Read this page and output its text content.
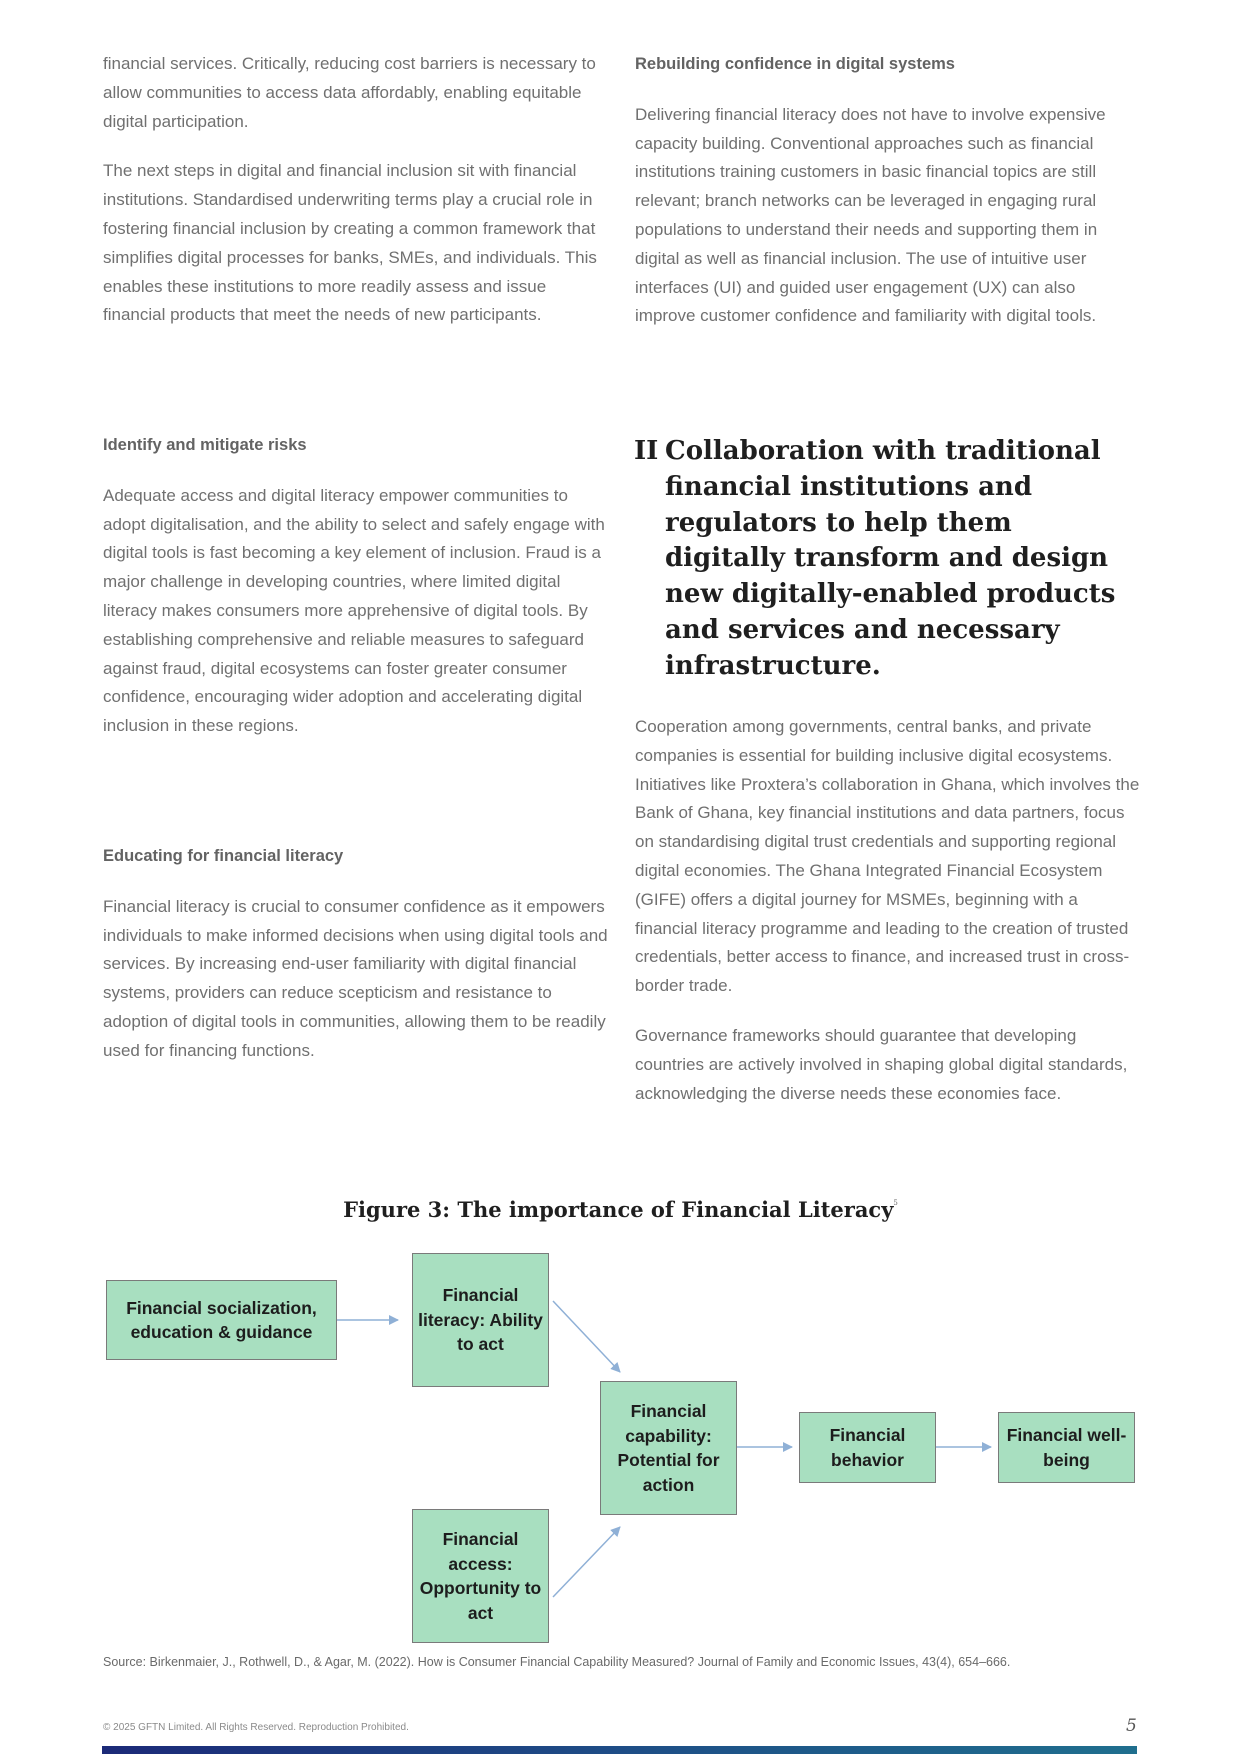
financial services. Critically, reducing cost barriers is necessary to allow communities to access data affordably, enabling equitable digital participation.

The next steps in digital and financial inclusion sit with financial institutions. Standardised underwriting terms play a crucial role in fostering financial inclusion by creating a common framework that simplifies digital processes for banks, SMEs, and individuals. This enables these institutions to more readily assess and issue financial products that meet the needs of new participants.

Identify and mitigate risks

Adequate access and digital literacy empower communities to adopt digitalisation, and the ability to select and safely engage with digital tools is fast becoming a key element of inclusion. Fraud is a major challenge in developing countries, where limited digital literacy makes consumers more apprehensive of digital tools. By establishing comprehensive and reliable measures to safeguard against fraud, digital ecosystems can foster greater consumer confidence, encouraging wider adoption and accelerating digital inclusion in these regions.

Educating for financial literacy

Financial literacy is crucial to consumer confidence as it empowers individuals to make informed decisions when using digital tools and services. By increasing end-user familiarity with digital financial systems, providers can reduce scepticism and resistance to adoption of digital tools in communities, allowing them to be readily used for financing functions.

Rebuilding confidence in digital systems

Delivering financial literacy does not have to involve expensive capacity building. Conventional approaches such as financial institutions training customers in basic financial topics are still relevant; branch networks can be leveraged in engaging rural populations to understand their needs and supporting them in digital as well as financial inclusion. The use of intuitive user interfaces (UI) and guided user engagement (UX) can also improve customer confidence and familiarity with digital tools.

II Collaboration with traditional financial institutions and regulators to help them digitally transform and design new digitally-enabled products and services and necessary infrastructure.

Cooperation among governments, central banks, and private companies is essential for building inclusive digital ecosystems. Initiatives like Proxtera’s collaboration in Ghana, which involves the Bank of Ghana, key financial institutions and data partners, focus on standardising digital trust credentials and supporting regional digital economies. The Ghana Integrated Financial Ecosystem (GIFE) offers a digital journey for MSMEs, beginning with a financial literacy programme and leading to the creation of trusted credentials, better access to finance, and increased trust in cross-border trade.

Governance frameworks should guarantee that developing countries are actively involved in shaping global digital standards, acknowledging the diverse needs these economies face.

Figure 3: The importance of Financial Literacy$^5$
Financial socialization, education & guidance
Financial literacy: Ability to act
Financial access: Opportunity to act
Financial capability: Potential for action
Financial behavior
Financial well-being
Source: Birkenmaier, J., Rothwell, D., & Agar, M. (2022). How is Consumer Financial Capability Measured? Journal of Family and Economic Issues, 43(4), 654–666.
© 2025 GFTN Limited. All Rights Reserved. Reproduction Prohibited.	5
